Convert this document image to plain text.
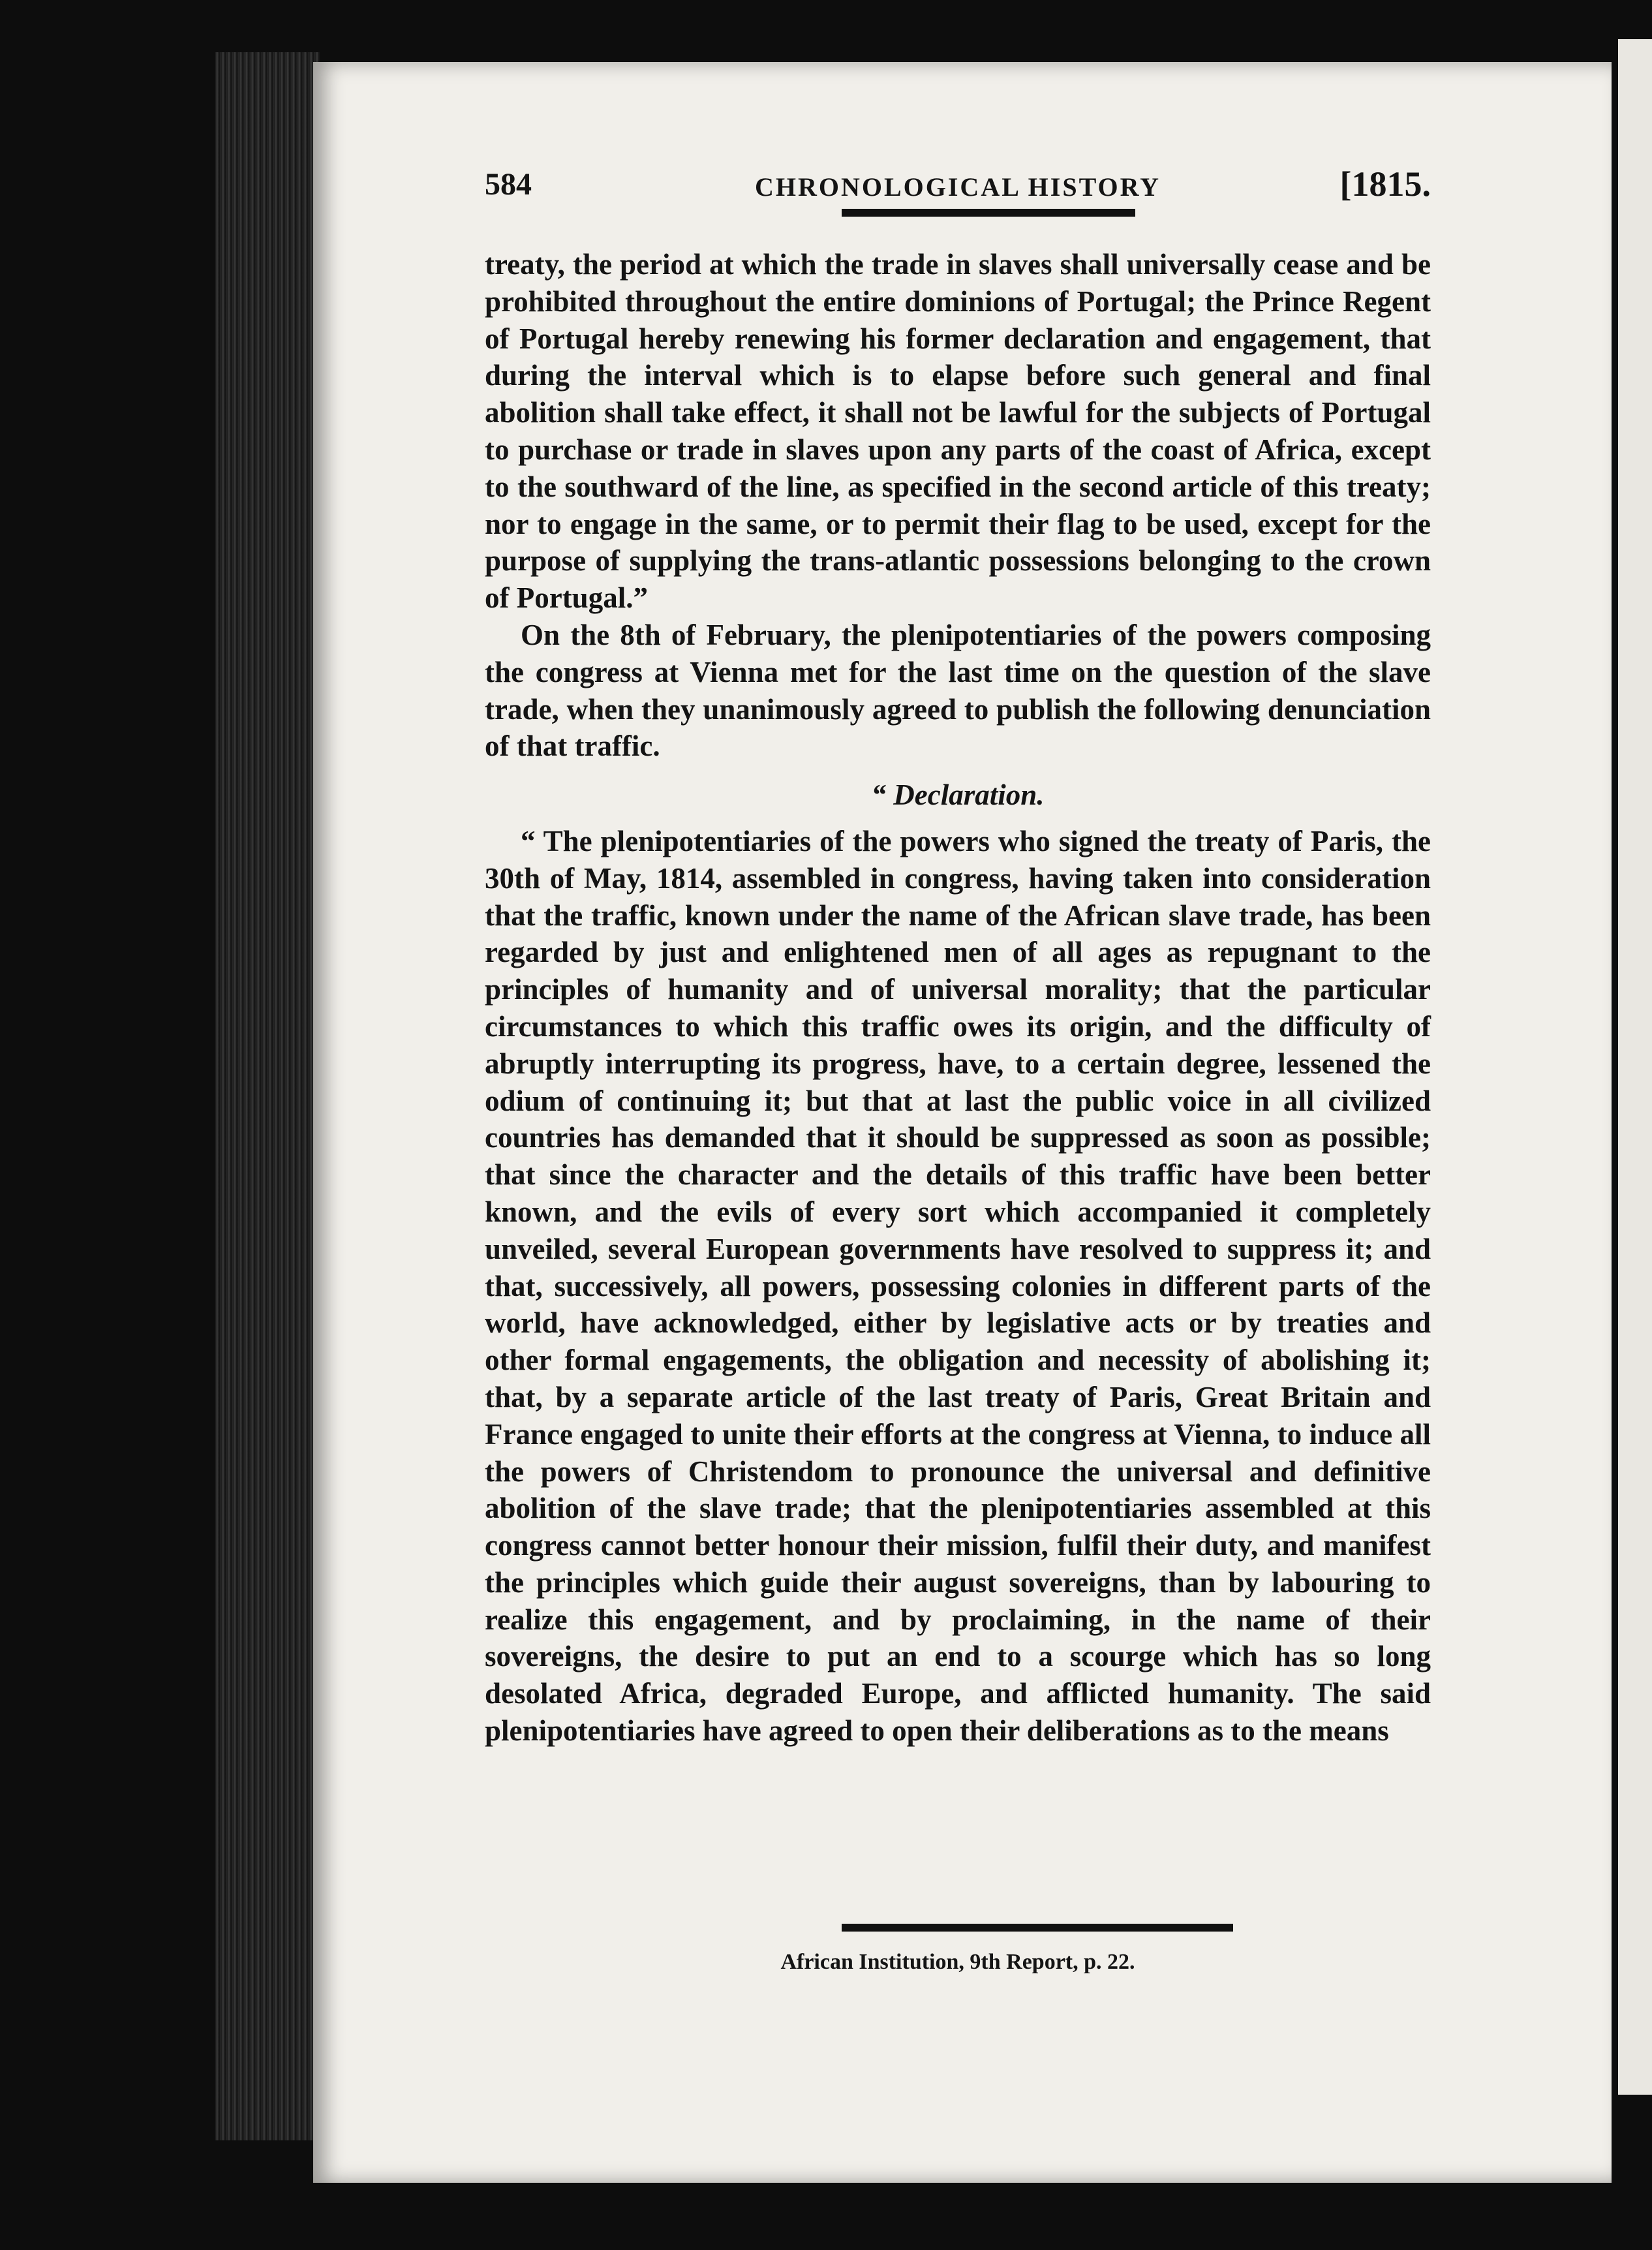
584	CHRONOLOGICAL HISTORY	[1815.

treaty, the period at which the trade in slaves shall universally cease and be prohibited throughout the entire dominions of Portugal; the Prince Regent of Portugal hereby renewing his former declaration and engagement, that during the interval which is to elapse before such general and final abolition shall take effect, it shall not be lawful for the subjects of Portugal to purchase or trade in slaves upon any parts of the coast of Africa, except to the southward of the line, as specified in the second article of this treaty; nor to engage in the same, or to permit their flag to be used, except for the purpose of supplying the trans-atlantic possessions belonging to the crown of Portugal.”

On the 8th of February, the plenipotentiaries of the powers composing the congress at Vienna met for the last time on the question of the slave trade, when they unanimously agreed to publish the following denunciation of that traffic.

“ Declaration.

“ The plenipotentiaries of the powers who signed the treaty of Paris, the 30th of May, 1814, assembled in congress, having taken into consideration that the traffic, known under the name of the African slave trade, has been regarded by just and enlightened men of all ages as repugnant to the principles of humanity and of universal morality; that the particular circumstances to which this traffic owes its origin, and the difficulty of abruptly interrupting its progress, have, to a certain degree, lessened the odium of continuing it; but that at last the public voice in all civilized countries has demanded that it should be suppressed as soon as possible; that since the character and the details of this traffic have been better known, and the evils of every sort which accompanied it completely unveiled, several European governments have resolved to suppress it; and that, successively, all powers, possessing colonies in different parts of the world, have acknowledged, either by legislative acts or by treaties and other formal engagements, the obligation and necessity of abolishing it; that, by a separate article of the last treaty of Paris, Great Britain and France engaged to unite their efforts at the congress at Vienna, to induce all the powers of Christendom to pronounce the universal and definitive abolition of the slave trade; that the plenipotentiaries assembled at this congress cannot better honour their mission, fulfil their duty, and manifest the principles which guide their august sovereigns, than by labouring to realize this engagement, and by proclaiming, in the name of their sovereigns, the desire to put an end to a scourge which has so long desolated Africa, degraded Europe, and afflicted humanity. The said plenipotentiaries have agreed to open their deliberations as to the means

African Institution, 9th Report, p. 22.
